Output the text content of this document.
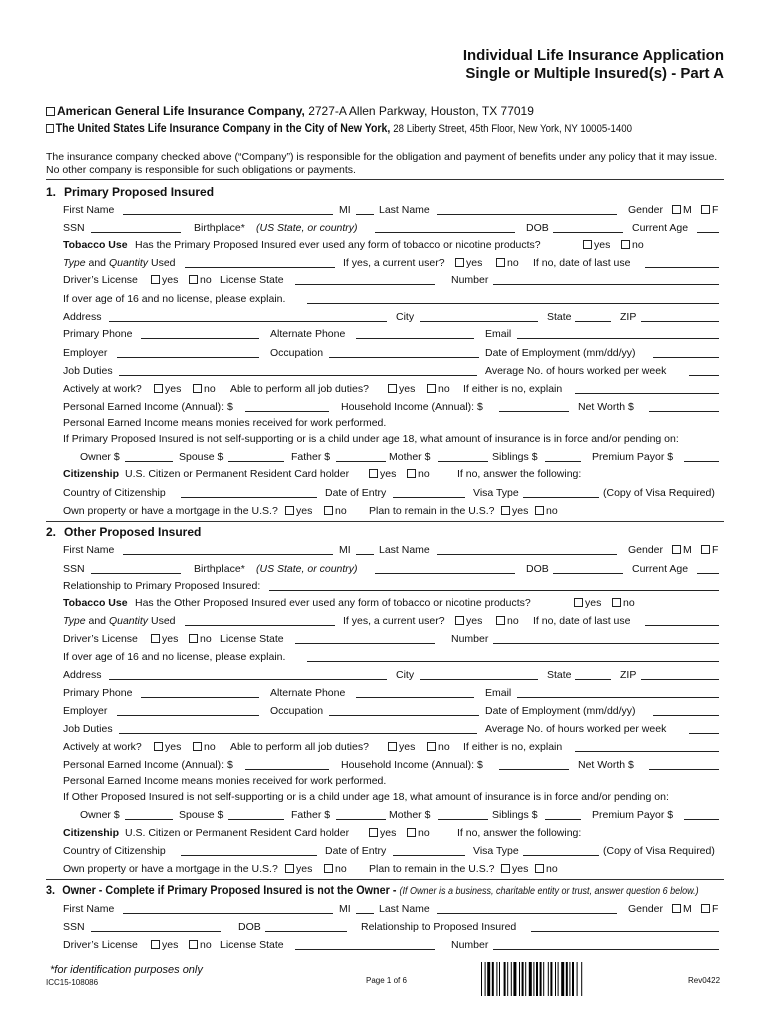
Individual Life Insurance Application
Single or Multiple Insured(s) - Part A
American General Life Insurance Company, 2727-A Allen Parkway, Houston, TX 77019
The United States Life Insurance Company in the City of New York, 28 Liberty Street, 45th Floor, New York, NY 10005-1400
The insurance company checked above (“Company”) is responsible for the obligation and payment of benefits under any policy that it may issue. No other company is responsible for such obligations or payments.
1. Primary Proposed Insured
First Name	MI	Last Name	Gender	M	F
SSN	Birthplace* (US State, or country)	DOB	Current Age
Tobacco Use Has the Primary Proposed Insured ever used any form of tobacco or nicotine products?	yes	no
Type and Quantity Used	If yes, a current user?	yes	no If no, date of last use
Driver’s License	yes	no License State	Number
If over age of 16 and no license, please explain.
Address	City	State	ZIP
Primary Phone	Alternate Phone	Email
Employer	Occupation	Date of Employment (mm/dd/yy)
Job Duties	Average No. of hours worked per week
Actively at work?	yes	no Able to perform all job duties?	yes	no If either is no, explain
Personal Earned Income (Annual): $	Household Income (Annual): $	Net Worth $
Personal Earned Income means monies received for work performed.
If Primary Proposed Insured is not self-supporting or is a child under age 18, what amount of insurance is in force and/or pending on:
Owner $	Spouse $	Father $	Mother $	Siblings $	Premium Payor $
Citizenship U.S. Citizen or Permanent Resident Card holder	yes	no	If no, answer the following:
Country of Citizenship	Date of Entry	Visa Type	(Copy of Visa Required)
Own property or have a mortgage in the U.S.?	yes	no Plan to remain in the U.S.?	yes	no
2. Other Proposed Insured
First Name	MI	Last Name	Gender	M	F
SSN	Birthplace* (US State, or country)	DOB	Current Age
Relationship to Primary Proposed Insured:
Tobacco Use Has the Other Proposed Insured ever used any form of tobacco or nicotine products?	yes	no
Type and Quantity Used	If yes, a current user?	yes	no If no, date of last use
Driver’s License	yes	no License State	Number
If over age of 16 and no license, please explain.
Address	City	State	ZIP
Primary Phone	Alternate Phone	Email
Employer	Occupation	Date of Employment (mm/dd/yy)
Job Duties	Average No. of hours worked per week
Actively at work?	yes	no Able to perform all job duties?	yes	no If either is no, explain
Personal Earned Income (Annual): $	Household Income (Annual): $	Net Worth $
Personal Earned Income means monies received for work performed.
If Other Proposed Insured is not self-supporting or is a child under age 18, what amount of insurance is in force and/or pending on:
Owner $	Spouse $	Father $	Mother $	Siblings $	Premium Payor $
Citizenship U.S. Citizen or Permanent Resident Card holder	yes	no	If no, answer the following:
Country of Citizenship	Date of Entry	Visa Type	(Copy of Visa Required)
Own property or have a mortgage in the U.S.?	yes	no Plan to remain in the U.S.?	yes	no
3. Owner - Complete if Primary Proposed Insured is not the Owner - (If Owner is a business, charitable entity or trust, answer question 6 below.)
First Name	MI	Last Name	Gender	M	F
SSN	DOB	Relationship to Proposed Insured
Driver’s License	yes	no License State	Number
*for identification purposes only
ICC15-108086	Page 1 of 6	Rev0422
